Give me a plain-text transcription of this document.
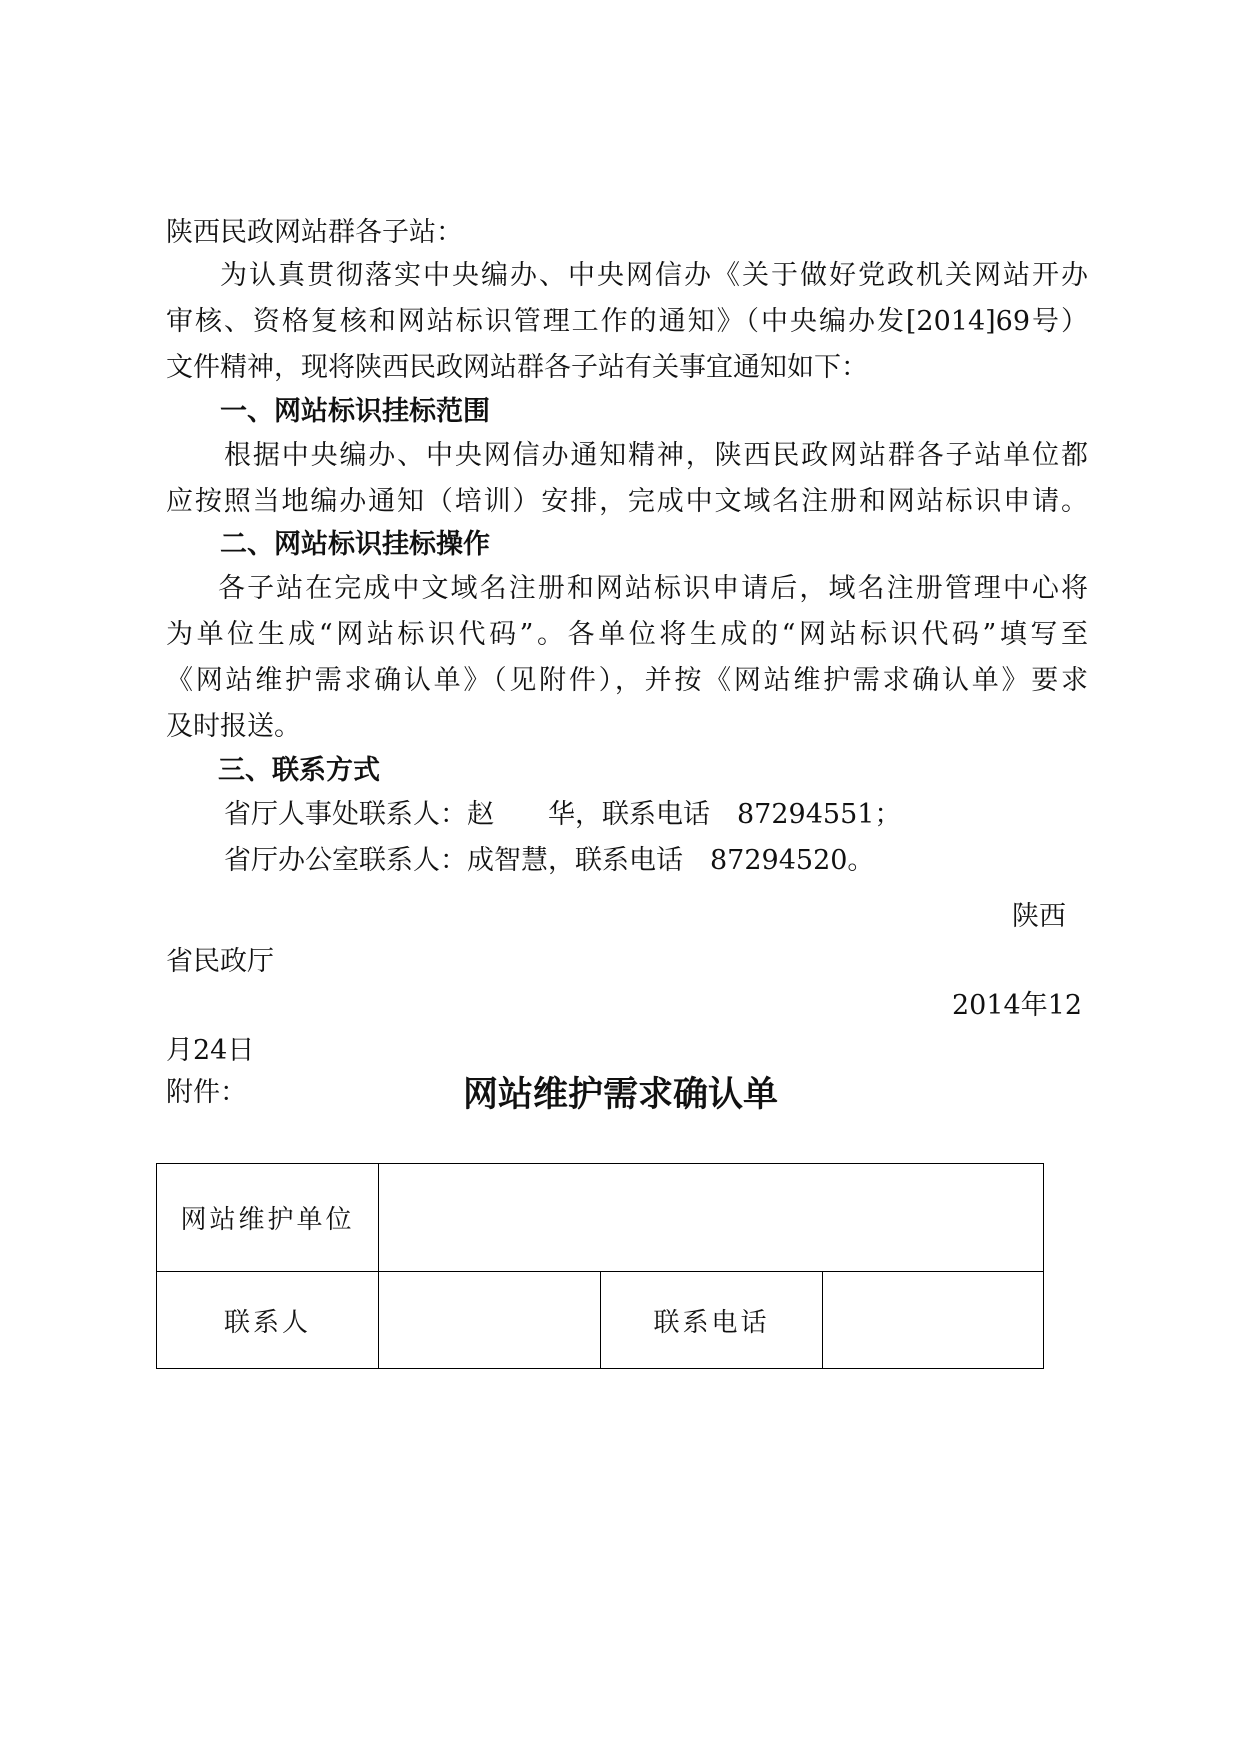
陕西民政网站群各子站：
为认真贯彻落实中央编办、中央网信办《关于做好党政机关网站开办
审核、资格复核和网站标识管理工作的通知》（中央编办发[2014]69号）
文件精神，现将陕西民政网站群各子站有关事宜通知如下：
一、网站标识挂标范围
根据中央编办、中央网信办通知精神，陕西民政网站群各子站单位都
应按照当地编办通知（培训）安排，完成中文域名注册和网站标识申请。
二、网站标识挂标操作
各子站在完成中文域名注册和网站标识申请后，域名注册管理中心将
为单位生成“网站标识代码”。各单位将生成的“网站标识代码”填写至
《网站维护需求确认单》（见附件），并按《网站维护需求确认单》要求
及时报送。
三、联系方式
省厅人事处联系人：赵　　华，联系电话　87294551；
省厅办公室联系人：成智慧，联系电话　87294520。
陕西
省民政厅
2014年12
月24日
附件：	网站维护需求确认单
网站维护单位			
联系人		联系电话	
